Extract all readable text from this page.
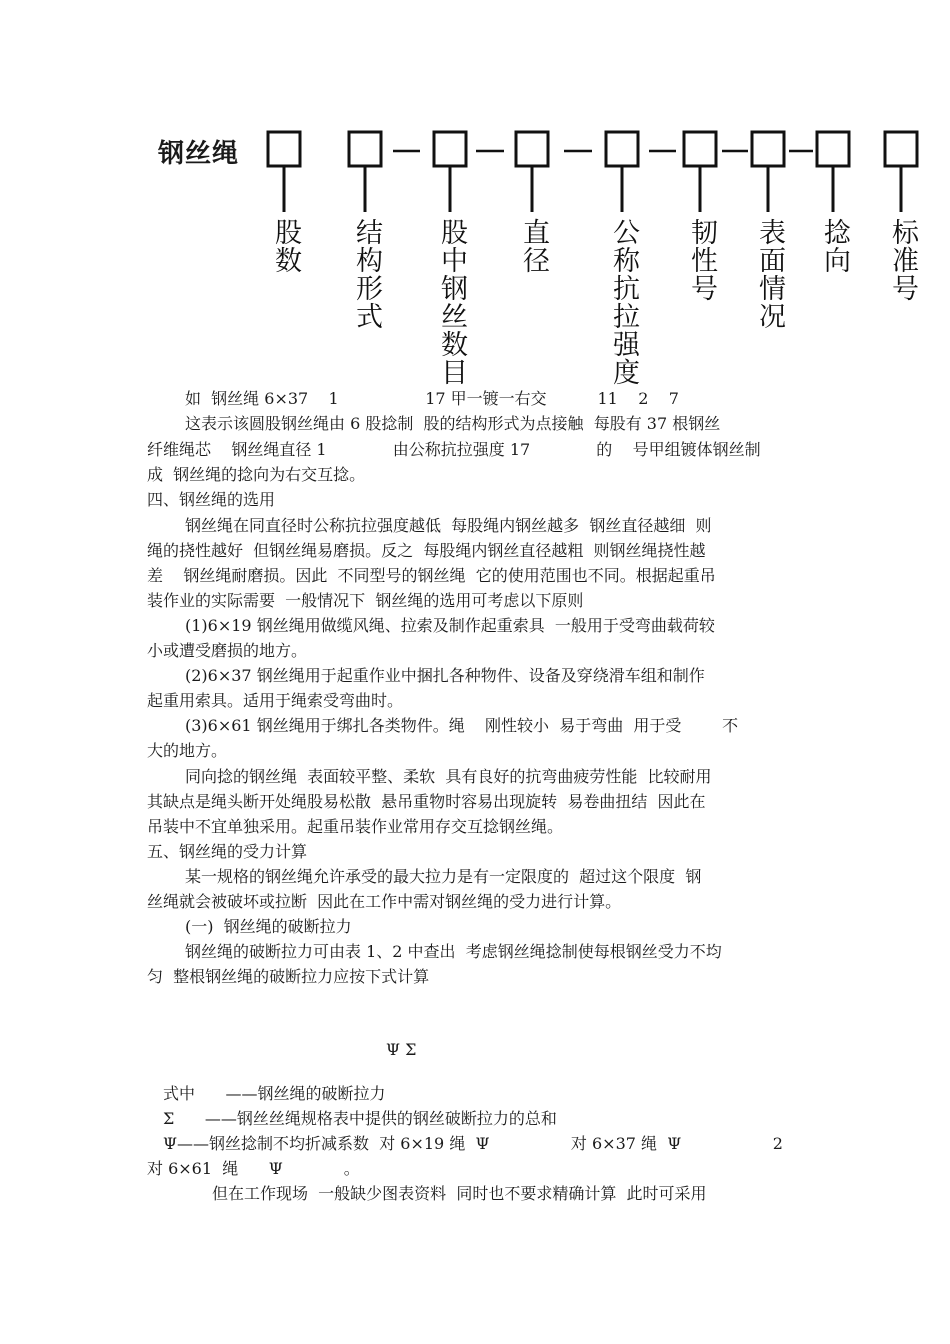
钢丝绳
股数 结构形式 股中钢丝数目 直径 公称抗拉强度 韧性号 表面情况 捻向 标准号
如  钢丝绳 6×37    1                 17 甲一镀一右交          11    2    7
这表示该圆股钢丝绳由 6 股捻制  股的结构形式为点接触  每股有 37 根钢丝
纤维绳芯    钢丝绳直径 1             由公称抗拉强度 17             的    号甲组镀体钢丝制
成  钢丝绳的捻向为右交互捻。
四、钢丝绳的选用
钢丝绳在同直径时公称抗拉强度越低  每股绳内钢丝越多  钢丝直径越细  则
绳的挠性越好  但钢丝绳易磨损。反之  每股绳内钢丝直径越粗  则钢丝绳挠性越
差    钢丝绳耐磨损。因此  不同型号的钢丝绳  它的使用范围也不同。根据起重吊
装作业的实际需要  一般情况下  钢丝绳的选用可考虑以下原则
(1)6×19 钢丝绳用做缆风绳、拉索及制作起重索具  一般用于受弯曲载荷较
小或遭受磨损的地方。
(2)6×37 钢丝绳用于起重作业中捆扎各种物件、设备及穿绕滑车组和制作
起重用索具。适用于绳索受弯曲时。
(3)6×61 钢丝绳用于绑扎各类物件。绳    刚性较小  易于弯曲  用于受        不
大的地方。
同向捻的钢丝绳  表面较平整、柔软  具有良好的抗弯曲疲劳性能  比较耐用
其缺点是绳头断开处绳股易松散  悬吊重物时容易出现旋转  易卷曲扭结  因此在
吊装中不宜单独采用。起重吊装作业常用存交互捻钢丝绳。
五、钢丝绳的受力计算
某一规格的钢丝绳允许承受的最大拉力是有一定限度的  超过这个限度  钢
丝绳就会被破坏或拉断  因此在工作中需对钢丝绳的受力进行计算。
(一)  钢丝绳的破断拉力
钢丝绳的破断拉力可由表 1、2 中查出  考虑钢丝绳捻制使每根钢丝受力不均
匀  整根钢丝绳的破断拉力应按下式计算
Ψ Σ
式中      ——钢丝绳的破断拉力
Σ      ——钢丝丝绳规格表中提供的钢丝破断拉力的总和
Ψ——钢丝捻制不均折减系数  对 6×19 绳  Ψ                对 6×37 绳  Ψ                  2
对 6×61  绳      Ψ            。
但在工作现场  一般缺少图表资料  同时也不要求精确计算  此时可采用
